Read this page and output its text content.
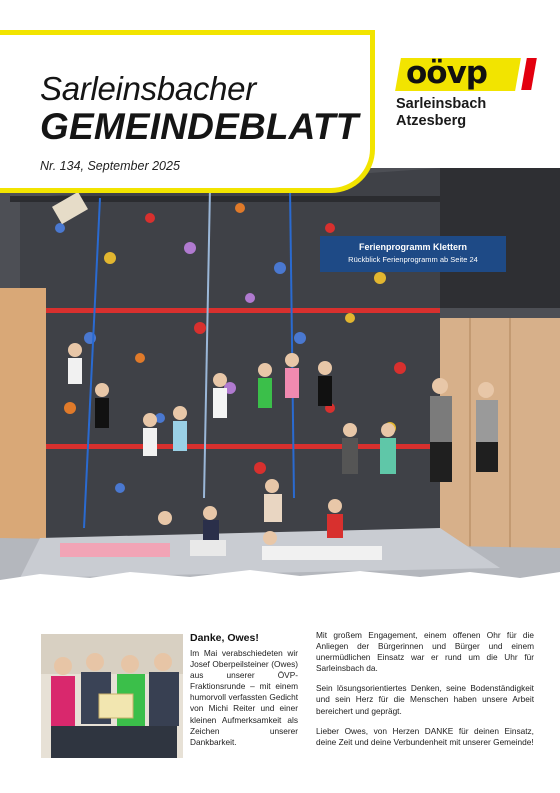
Sarleinsbacher
GEMEINDEBLATT
Nr. 134, September 2025
oövp
Sarleinsbach
Atzesberg
Ferienprogramm Klettern
Rückblick Ferienprogramm ab Seite 24
Danke, Owes!

Im Mai verabschiedeten wir Josef Oberpeilsteiner (Owes) aus unserer ÖVP-Fraktionsrunde – mit einem humorvoll verfassten Gedicht von Michi Reiter und einer kleinen Aufmerksamkeit als Zeichen unserer Dankbarkeit.

Mit großem Engagement, einem offenen Ohr für die Anliegen der Bürgerinnen und Bürger und einem unermüdlichen Einsatz war er rund um die Uhr für Sarleinsbach da.

Sein lösungsorientiertes Denken, seine Bodenständigkeit und sein Herz für die Menschen haben unsere Arbeit bereichert und geprägt.

Lieber Owes, von Herzen DANKE für deinen Einsatz, deine Zeit und deine Verbundenheit mit unserer Gemeinde!
